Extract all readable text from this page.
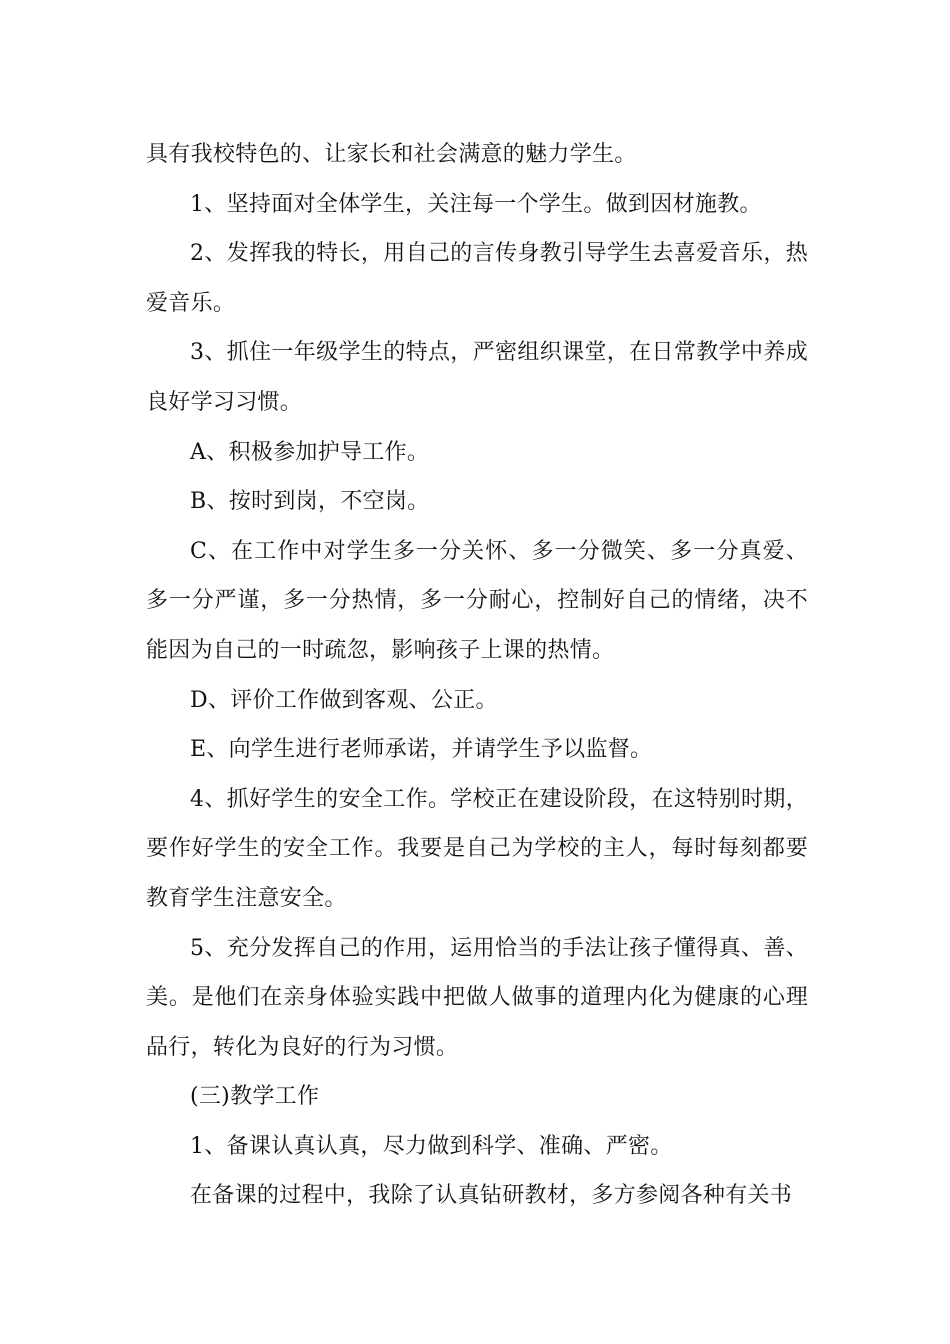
具有我校特色的、让家长和社会满意的魅力学生。

1、坚持面对全体学生，关注每一个学生。做到因材施教。

2、发挥我的特长，用自己的言传身教引导学生去喜爱音乐，热爱音乐。

3、抓住一年级学生的特点，严密组织课堂，在日常教学中养成良好学习习惯。

A、积极参加护导工作。

B、按时到岗，不空岗。

C、在工作中对学生多一分关怀、多一分微笑、多一分真爱、多一分严谨，多一分热情，多一分耐心，控制好自己的情绪，决不能因为自己的一时疏忽，影响孩子上课的热情。

D、评价工作做到客观、公正。

E、向学生进行老师承诺，并请学生予以监督。

4、抓好学生的安全工作。学校正在建设阶段，在这特别时期，要作好学生的安全工作。我要是自己为学校的主人，每时每刻都要教育学生注意安全。

5、充分发挥自己的作用，运用恰当的手法让孩子懂得真、善、美。是他们在亲身体验实践中把做人做事的道理内化为健康的心理品行，转化为良好的行为习惯。

(三)教学工作

1、备课认真认真，尽力做到科学、准确、严密。

在备课的过程中，我除了认真钻研教材，多方参阅各种有关书
